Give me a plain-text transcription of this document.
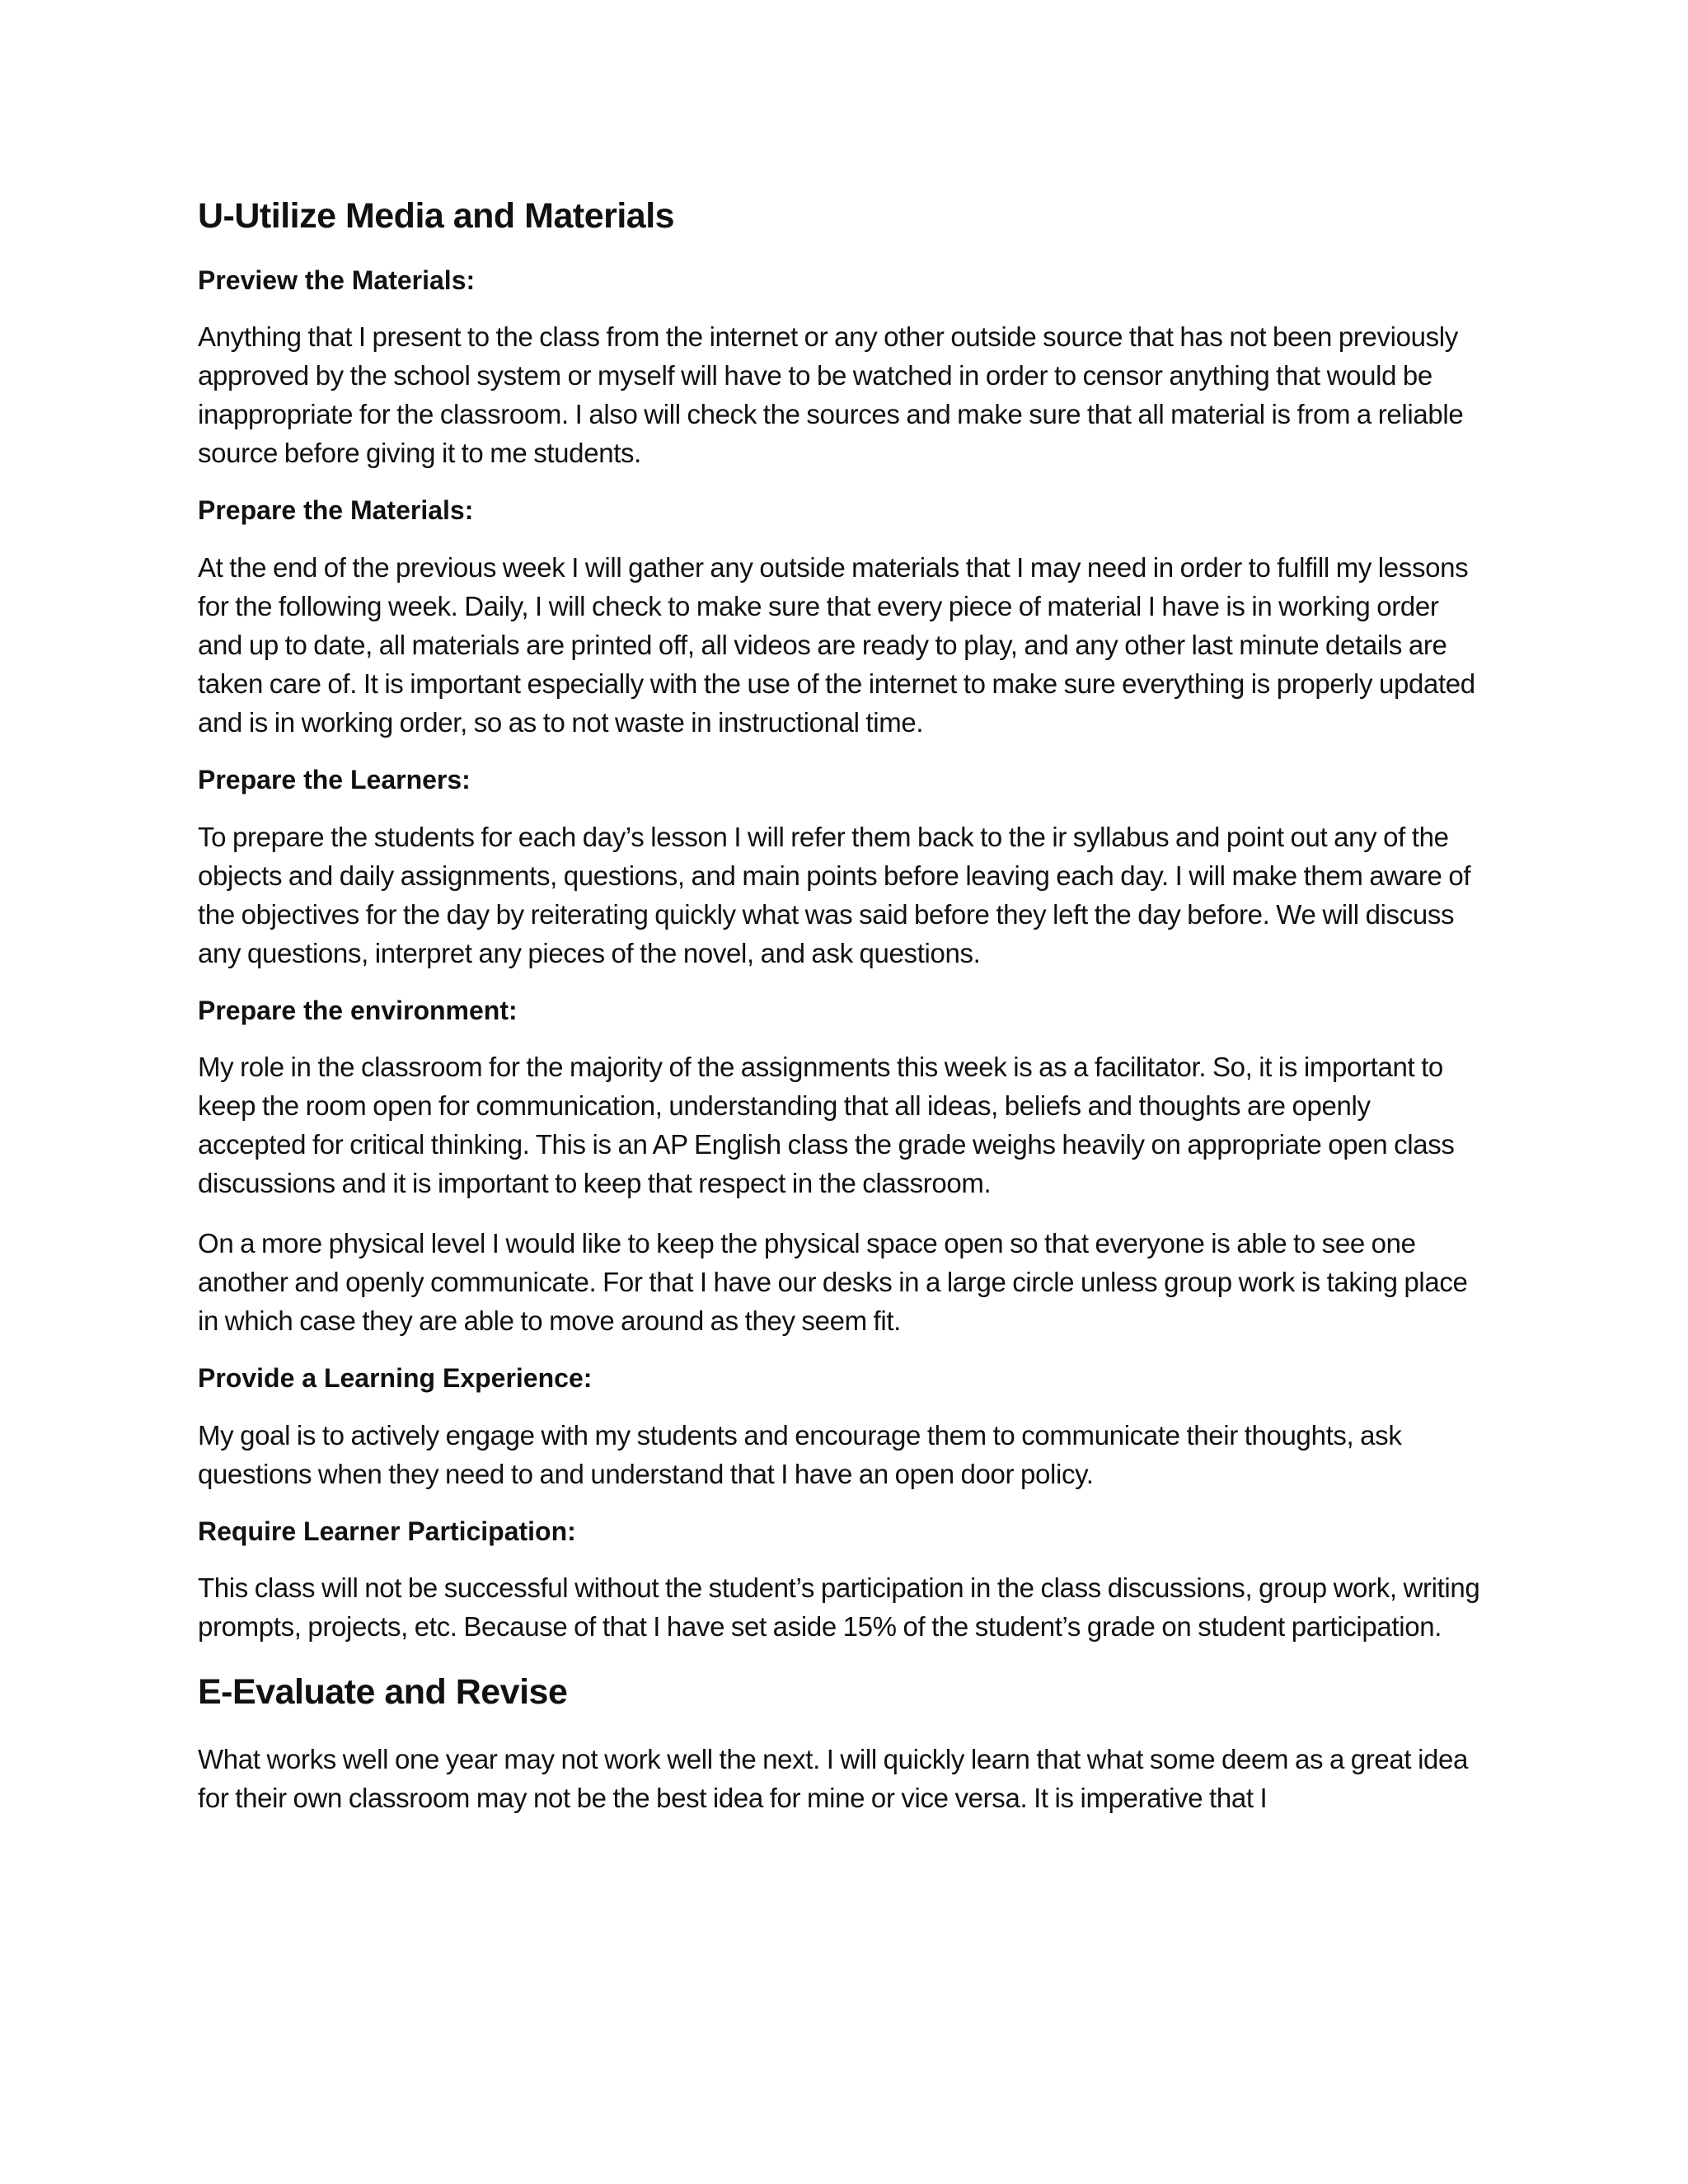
U-Utilize Media and Materials
Preview the Materials:

Anything that I present to the class from the internet or any other outside source that has not been previously approved by the school system or myself will have to be watched in order to censor anything that would be inappropriate for the classroom. I also will check the sources and make sure that all material is from a reliable source before giving it to me students.

Prepare the Materials:

At the end of the previous week I will gather any outside materials that I may need in order to fulfill my lessons for the following week. Daily, I will check to make sure that every piece of material I have is in working order and up to date, all materials are printed off, all videos are ready to play, and any other last minute details are taken care of. It is important especially with the use of the internet to make sure everything is properly updated and is in working order, so as to not waste in instructional time.

Prepare the Learners:

To prepare the students for each day’s lesson I will refer them back to the ir syllabus and point out any of the objects and daily assignments, questions, and main points before leaving each day. I will make them aware of the objectives for the day by reiterating quickly what was said before they left the day before. We will discuss any questions, interpret any pieces of the novel, and ask questions.

Prepare the environment:

My role in the classroom for the majority of the assignments this week is as a facilitator. So, it is important to keep the room open for communication, understanding that all ideas, beliefs and thoughts are openly accepted for critical thinking. This is an AP English class the grade weighs heavily on appropriate open class discussions and it is important to keep that respect in the classroom.

On a more physical level I would like to keep the physical space open so that everyone is able to see one another and openly communicate. For that I have our desks in a large circle unless group work is taking place in which case they are able to move around as they seem fit.

Provide a Learning Experience:

My goal is to actively engage with my students and encourage them to communicate their thoughts, ask questions when they need to and understand that I have an open door policy.

Require Learner Participation:

This class will not be successful without the student’s participation in the class discussions, group work, writing prompts, projects, etc. Because of that I have set aside 15% of the student’s grade on student participation.

E-Evaluate and Revise

What works well one year may not work well the next. I will quickly learn that what some deem as a great idea for their own classroom may not be the best idea for mine or vice versa. It is imperative that I
